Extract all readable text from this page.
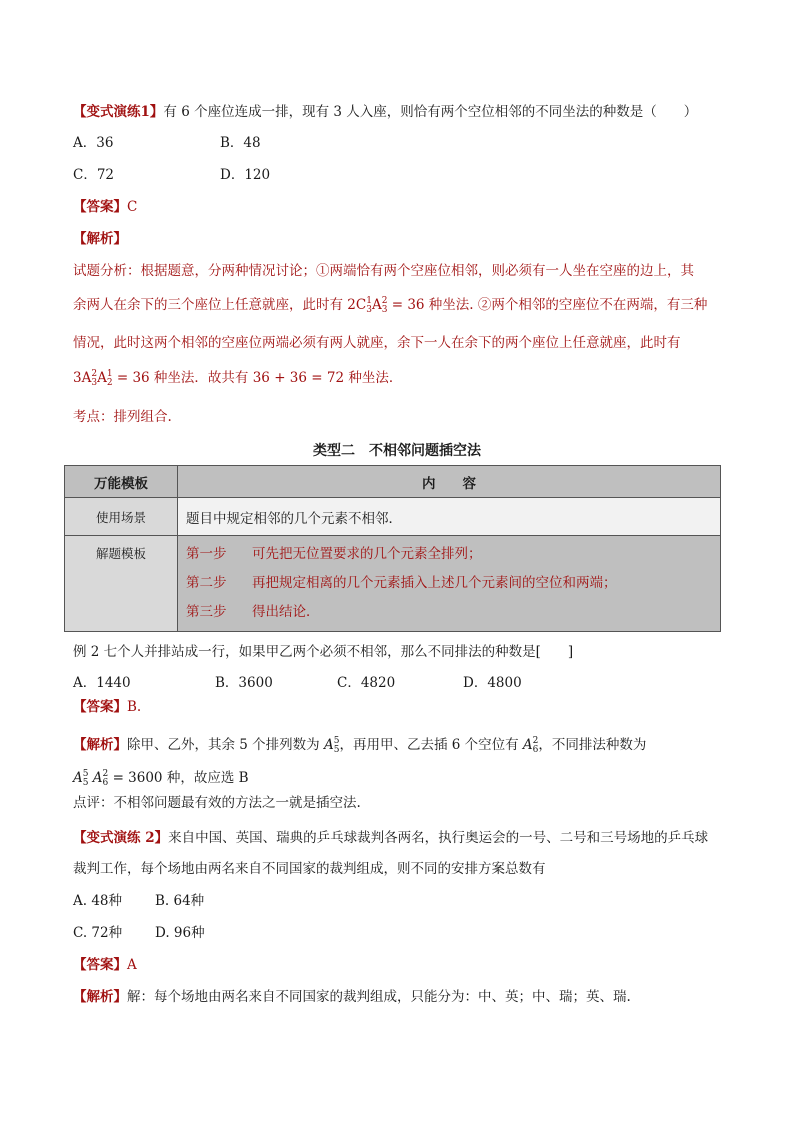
【变式演练1】有 6 个座位连成一排，现有 3 人入座，则恰有两个空位相邻的不同坐法的种数是（　　）
A．36	B．48
C．72	D．120
【答案】C
【解析】
试题分析：根据题意，分两种情况讨论；①两端恰有两个空座位相邻，则必须有一人坐在空座的边上，其
余两人在余下的三个座位上任意就座，此时有 2C 1
3 A 2
3 = 36 种坐法. ②两个相邻的空座位不在两端，有三种
情况，此时这两个相邻的空座位两端必须有两人就座，余下一人在余下的两个座位上任意就座，此时有
3A 2
3 A 1
2 = 36 种坐法．故共有 36 + 36 = 72 种坐法．
考点：排列组合.
类型二　不相邻问题插空法
万能模板	内　　容
使用场景	题目中规定相邻的几个元素不相邻．
解题模板	第一步 可先把无位置要求的几个元素全排列；
第二步 再把规定相离的几个元素插入上述几个元素间的空位和两端；
第三步 得出结论．
例 2 七个人并排站成一行，如果甲乙两个必须不相邻，那么不同排法的种数是[　　]
A．1440	B．3600	C．4820	D．4800
【答案】B.
【解析】除甲、乙外，其余 5 个排列数为 A 5
5 ，再用甲、乙去插 6 个空位有 A 2
6 ，不同排法种数为
A 5
5 A 2
6 = 3600 种，故应选 B
点评：不相邻问题最有效的方法之一就是插空法.
【变式演练 2】来自中国、英国、瑞典的乒乓球裁判各两名，执行奥运会的一号、二号和三号场地的乒乓球
裁判工作，每个场地由两名来自不同国家的裁判组成，则不同的安排方案总数有
A. 48种 B. 64种
C. 72种 D. 96种
【答案】A
【解析】解：每个场地由两名来自不同国家的裁判组成，只能分为：中、英；中、瑞；英、瑞.
